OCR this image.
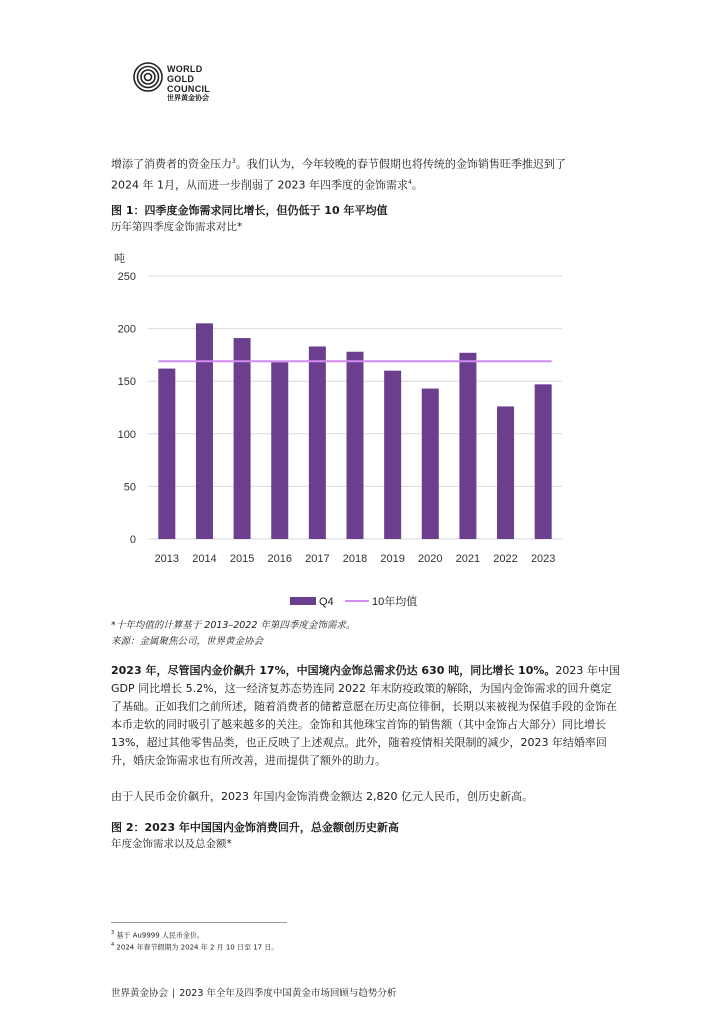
WORLD
GOLD
COUNCIL
世界黄金协会
增添了消费者的资金压力$^3$。我们认为，今年较晚的春节假期也将传统的金饰销售旺季推迟到了
2024 年 1月，从而进一步削弱了 2023 年四季度的金饰需求$^4$。
图 1：四季度金饰需求同比增长，但仍低于 10 年平均值
历年第四季度金饰需求对比*
吨
0
50
100
150
200
250
2013 2014 2015 2016 2017 2018 2019 2020 2021 2022 2023
Q4	10年均值
*十年均值的计算基于 2013–2022 年第四季度金饰需求。
来源：金属聚焦公司，世界黄金协会
2023 年，尽管国内金价飙升 17%，中国境内金饰总需求仍达 630 吨，同比增长 10%。2023 年中国 GDP 同比增长 5.2%，这一经济复苏态势连同 2022 年末防疫政策的解除，为国内金饰需求的回升奠定了基础。正如我们之前所述，随着消费者的储蓄意愿在历史高位徘徊，长期以来被视为保值手段的金饰在本币走软的同时吸引了越来越多的关注。金饰和其他珠宝首饰的销售额（其中金饰占大部分）同比增长 13%，超过其他零售品类，也正反映了上述观点。此外，随着疫情相关限制的减少，2023 年结婚率回升，婚庆金饰需求也有所改善，进而提供了额外的助力。
由于人民币金价飙升，2023 年国内金饰消费金额达 2,820 亿元人民币，创历史新高。
图 2：2023 年中国国内金饰消费回升，总金额创历史新高
年度金饰需求以及总金额*
$^3$ 基于 Au9999 人民币金价。
$^4$ 2024 年春节假期为 2024 年 2 月 10 日至 17 日。
世界黄金协会 | 2023 年全年及四季度中国黄金市场回顾与趋势分析
